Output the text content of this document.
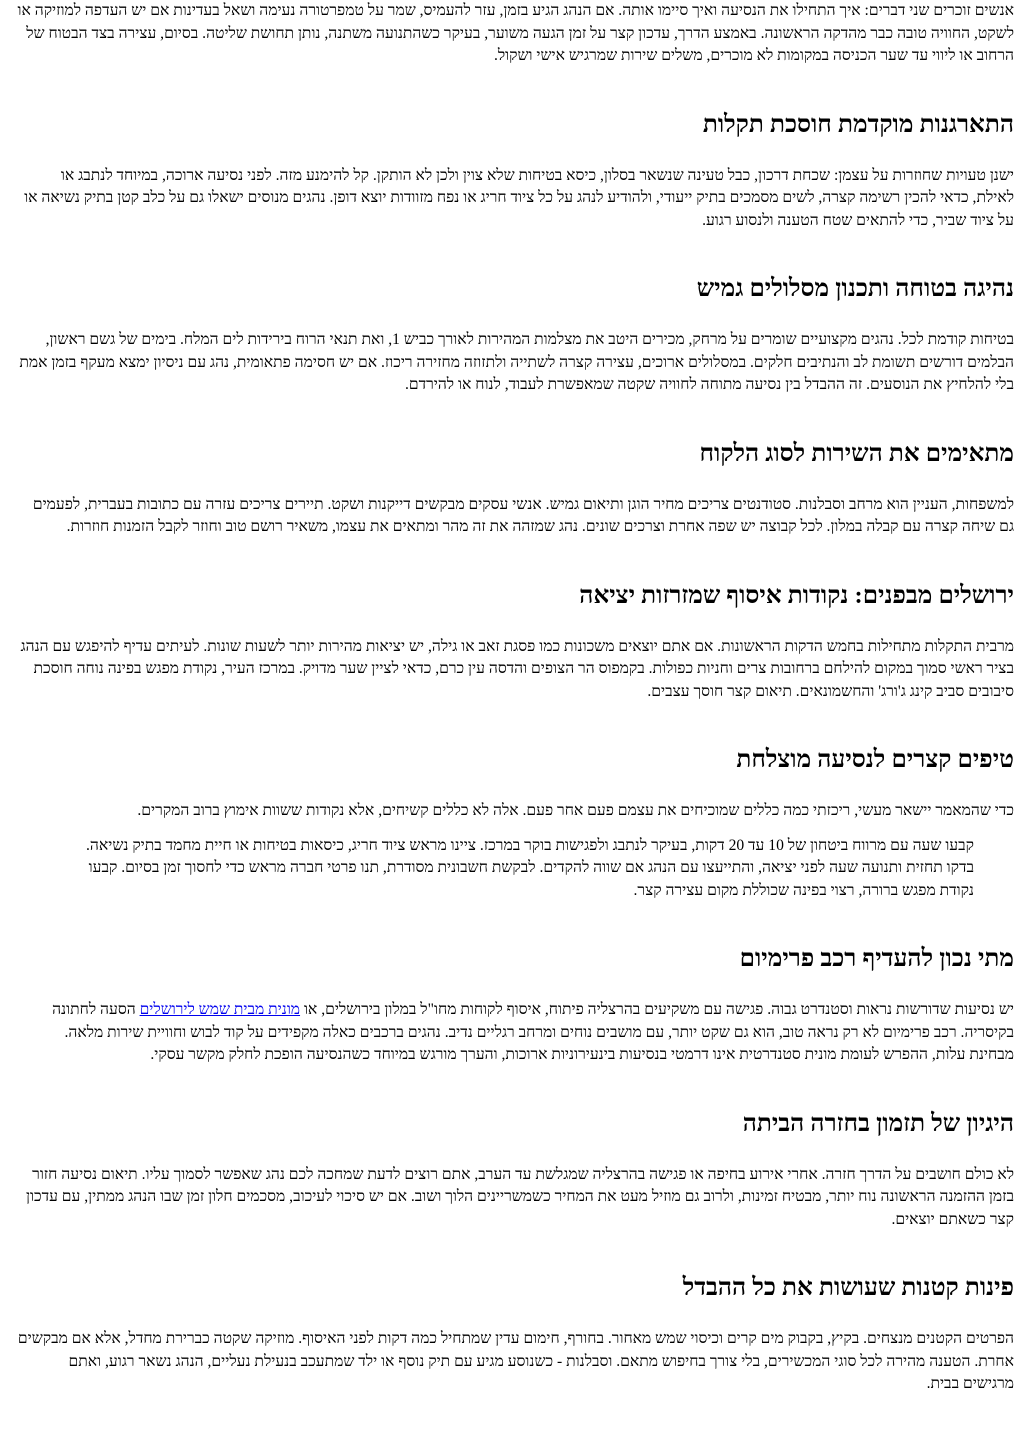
אנשים זוכרים שני דברים: איך התחילו את הנסיעה ואיך סיימו אותה. אם הנהג הגיע בזמן, עזר להעמיס, שמר על טמפרטורה נעימה ושאל בעדינות אם יש העדפה למוזיקה או לשקט, החוויה טובה כבר מהדקה הראשונה. באמצע הדרך, עדכון קצר על זמן הגעה משוער, בעיקר כשהתנועה משתנה, נותן תחושת שליטה. בסיום, עצירה בצד הבטוח של הרחוב או ליווי עד שער הכניסה במקומות לא מוכרים, משלים שירות שמרגיש אישי ושקול.

התארגנות מוקדמת חוסכת תקלות

ישנן טעויות שחוזרות על עצמן: שכחת דרכון, כבל טעינה שנשאר בסלון, כיסא בטיחות שלא צוין ולכן לא הותקן. קל להימנע מזה. לפני נסיעה ארוכה, במיוחד לנתבג או לאילת, כדאי להכין רשימה קצרה, לשים מסמכים בתיק ייעודי, ולהודיע לנהג על כל ציוד חריג או נפח מזוודות יוצא דופן. נהגים מנוסים ישאלו גם על כלב קטן בתיק נשיאה או על ציוד שביר, כדי להתאים שטח הטענה ולנסוע רגוע.

נהיגה בטוחה ותכנון מסלולים גמיש

בטיחות קודמת לכל. נהגים מקצועיים שומרים על מרחק, מכירים היטב את מצלמות המהירות לאורך כביש 1, ואת תנאי הרוח בירידות לים המלח. בימים של גשם ראשון, הבלמים דורשים תשומת לב והנתיבים חלקים. במסלולים ארוכים, עצירה קצרה לשתייה ולתזוזה מחזירה ריכוז. אם יש חסימה פתאומית, נהג עם ניסיון ימצא מעקף בזמן אמת בלי להלחיץ את הנוסעים. זה ההבדל בין נסיעה מתוחה לחוויה שקטה שמאפשרת לעבוד, לנוח או להירדם.

מתאימים את השירות לסוג הלקוח

למשפחות, העניין הוא מרחב וסבלנות. סטודנטים צריכים מחיר הוגן ותיאום גמיש. אנשי עסקים מבקשים דייקנות ושקט. תיירים צריכים עזרה עם כתובות בעברית, לפעמים גם שיחה קצרה עם קבלה במלון. לכל קבוצה יש שפה אחרת וצרכים שונים. נהג שמזהה את זה מהר ומתאים את עצמו, משאיר רושם טוב וחוזר לקבל הזמנות חוזרות.

ירושלים מבפנים: נקודות איסוף שמזרזות יציאה

מרבית התקלות מתחילות בחמש הדקות הראשונות. אם אתם יוצאים משכונות כמו פסגת זאב או גילה, יש יציאות מהירות יותר לשעות שונות. לעיתים עדיף להיפגש עם הנהג בציר ראשי סמוך במקום להילחם ברחובות צרים וחניות כפולות. בקמפוס הר הצופים והדסה עין כרם, כדאי לציין שער מדויק. במרכז העיר, נקודת מפגש בפינה נוחה חוסכת סיבובים סביב קינג ג'ורג' והחשמונאים. תיאום קצר חוסך עצבים.

טיפים קצרים לנסיעה מוצלחת

כדי שהמאמר יישאר מעשי, ריכזתי כמה כללים שמוכיחים את עצמם פעם אחר פעם. אלה לא כללים קשיחים, אלא נקודות ששוות אימוץ ברוב המקרים.

קבעו שעה עם מרווח ביטחון של 10 עד 20 דקות, בעיקר לנתבג ולפגישות בוקר במרכז. ציינו מראש ציוד חריג, כיסאות בטיחות או חיית מחמד בתיק נשיאה. בדקו תחזית ותנועה שעה לפני יציאה, והתייעצו עם הנהג אם שווה להקדים. לבקשת חשבונית מסודרת, תנו פרטי חברה מראש כדי לחסוך זמן בסיום. קבעו נקודת מפגש ברורה, רצוי בפינה שכוללת מקום עצירה קצר.

מתי נכון להעדיף רכב פרימיום

יש נסיעות שדורשות נראות וסטנדרט גבוה. פגישה עם משקיעים בהרצליה פיתוח, איסוף לקוחות מחו"ל במלון בירושלים, או מונית מבית שמש לירושלים הסעה לחתונה בקיסריה. רכב פרימיום לא רק נראה טוב, הוא גם שקט יותר, עם מושבים נוחים ומרחב רגליים נדיב. נהגים ברכבים כאלה מקפידים על קוד לבוש וחוויית שירות מלאה. מבחינת עלות, ההפרש לעומת מונית סטנדרטית אינו דרמטי בנסיעות בינעירוניות ארוכות, והערך מורגש במיוחד כשהנסיעה הופכת לחלק מקשר עסקי.

היגיון של תזמון בחזרה הביתה

לא כולם חושבים על הדרך חזרה. אחרי אירוע בחיפה או פגישה בהרצליה שמגלשת עד הערב, אתם רוצים לדעת שמחכה לכם נהג שאפשר לסמוך עליו. תיאום נסיעה חזור בזמן ההזמנה הראשונה נוח יותר, מבטיח זמינות, ולרוב גם מוזיל מעט את המחיר כשמשריינים הלוך ושוב. אם יש סיכוי לעיכוב, מסכמים חלון זמן שבו הנהג ממתין, עם עדכון קצר כשאתם יוצאים.

פינות קטנות שעושות את כל ההבדל

הפרטים הקטנים מנצחים. בקיץ, בקבוק מים קרים וכיסוי שמש מאחור. בחורף, חימום עדין שמתחיל כמה דקות לפני האיסוף. מוזיקה שקטה כברירת מחדל, אלא אם מבקשים אחרת. הטענה מהירה לכל סוגי המכשירים, בלי צורך בחיפוש מתאם. וסבלנות - כשנוסע מגיע עם תיק נוסף או ילד שמתעכב בנעילת נעליים, הנהג נשאר רגוע, ואתם מרגישים בבית.
